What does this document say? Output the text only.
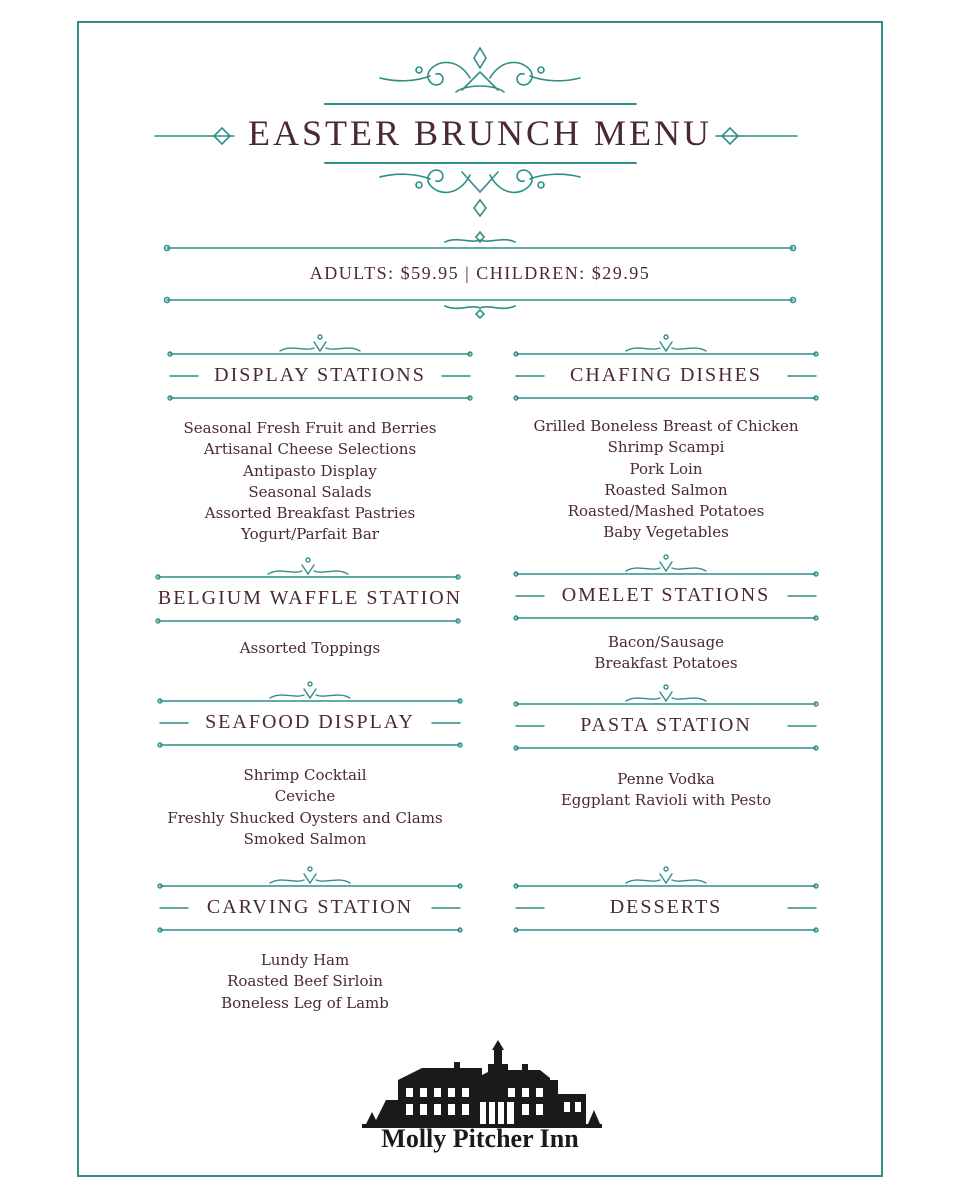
EASTER BRUNCH MENU
ADULTS: $59.95 | CHILDREN: $29.95
DISPLAY STATIONS	CHAFING DISHES
BELGIUM WAFFLE STATION	OMELET STATIONS
SEAFOOD DISPLAY	PASTA STATION
CARVING STATION	DESSERTS
Seasonal Fresh Fruit and Berries
Artisanal Cheese Selections
Antipasto Display
Seasonal Salads
Assorted Breakfast Pastries
Yogurt/Parfait Bar
Grilled Boneless Breast of Chicken
Shrimp Scampi
Pork Loin
Roasted Salmon
Roasted/Mashed Potatoes
Baby Vegetables
Assorted Toppings	Bacon/Sausage
Breakfast Potatoes
Shrimp Cocktail
Ceviche
Freshly Shucked Oysters and Clams
Smoked Salmon
Penne Vodka
Eggplant Ravioli with Pesto
Lundy Ham
Roasted Beef Sirloin
Boneless Leg of Lamb
Molly Pitcher Inn
